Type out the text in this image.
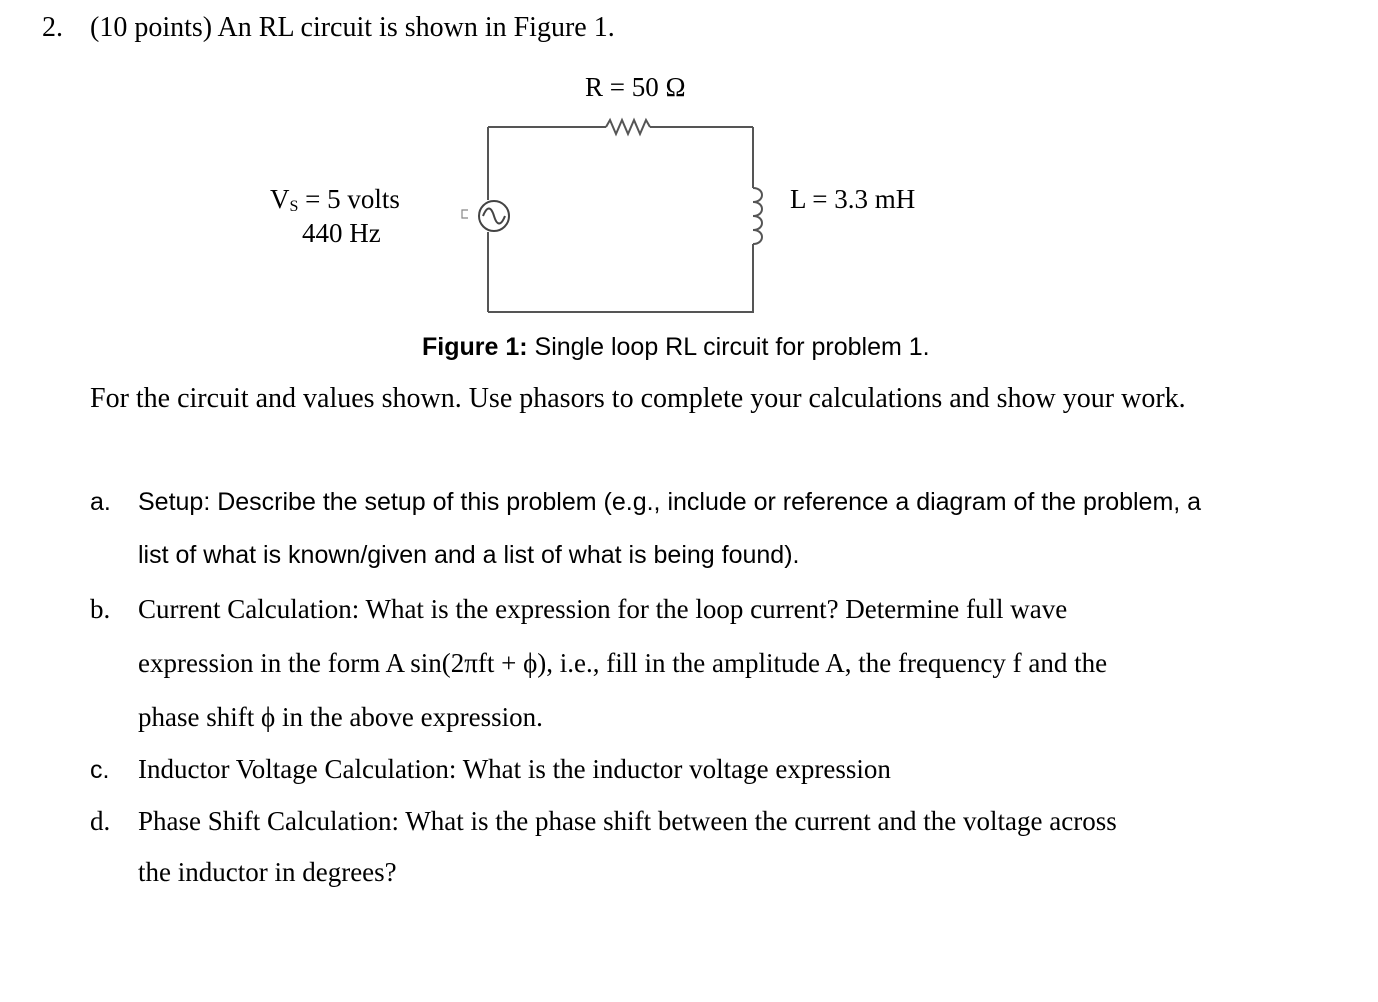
2. (10 points) An RL circuit is shown in Figure 1.
R = 50 Ω
$V_S = 5$ volts
440 Hz
L = 3.3 mH
Figure 1: Single loop RL circuit for problem 1.
For the circuit and values shown. Use phasors to complete your calculations and show your work.
a. Setup: Describe the setup of this problem (e.g., include or reference a diagram of the problem, a
list of what is known/given and a list of what is being found).
b. Current Calculation: What is the expression for the loop current? Determine full wave
expression in the form A sin(2πft + ϕ), i.e., fill in the amplitude A, the frequency f and the
phase shift ϕ in the above expression.
c. Inductor Voltage Calculation: What is the inductor voltage expression
d. Phase Shift Calculation: What is the phase shift between the current and the voltage across
the inductor in degrees?
